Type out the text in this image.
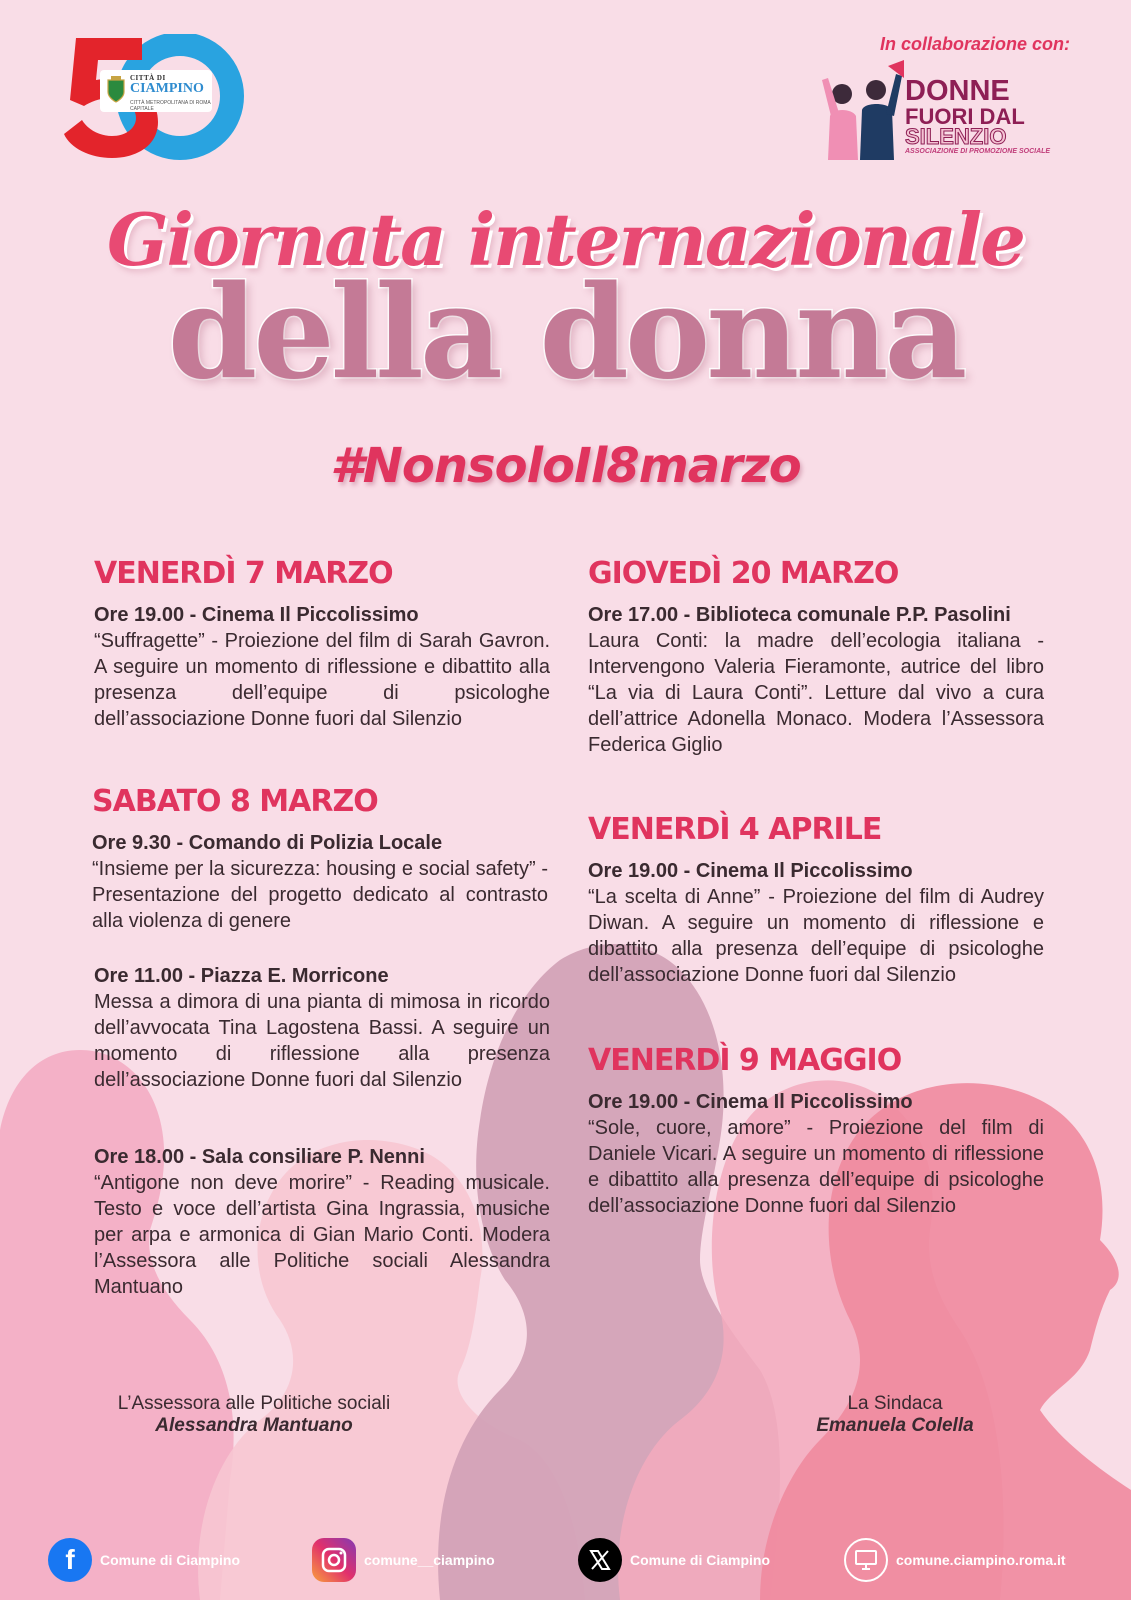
CITTÀ DI
CIAMPINO
CITTÀ METROPOLITANA DI ROMA CAPITALE
In collaborazione con:
DONNE
FUORI DAL
SILENZIO
ASSOCIAZIONE DI PROMOZIONE SOCIALE
Giornata internazionale
della donna
#NonsoloIl8marzo
VENERDÌ 7 MARZO

Ore 19.00 - Cinema Il Piccolissimo

“Suffragette” - Proiezione del film di Sarah Gavron. A seguire un momento di riflessione e dibattito alla presenza dell’equipe di psicologhe dell’associazione Donne fuori dal Silenzio

SABATO 8 MARZO

Ore 9.30 - Comando di Polizia Locale

“Insieme per la sicurezza: housing e social safety” - Presentazione del progetto dedicato al contrasto alla violenza di genere

Ore 11.00 - Piazza E. Morricone

Messa a dimora di una pianta di mimosa in ricordo dell’avvocata Tina Lagostena Bassi. A seguire un momento di riflessione alla presenza dell’associazione Donne fuori dal Silenzio

Ore 18.00 - Sala consiliare P. Nenni

“Antigone non deve morire” - Reading musicale. Testo e voce dell’artista Gina Ingrassia, musiche per arpa e armonica di Gian Mario Conti. Modera l’Assessora alle Politiche sociali Alessandra Mantuano

GIOVEDÌ 20 MARZO

Ore 17.00 - Biblioteca comunale P.P. Pasolini

Laura Conti: la madre dell’ecologia italiana - Intervengono Valeria Fieramonte, autrice del libro “La via di Laura Conti”. Letture dal vivo a cura dell’attrice Adonella Monaco. Modera l’Assessora Federica Giglio

VENERDÌ 4 APRILE

Ore 19.00 - Cinema Il Piccolissimo

“La scelta di Anne” - Proiezione del film di Audrey Diwan. A seguire un momento di riflessione e dibattito alla presenza dell’equipe di psicologhe dell’associazione Donne fuori dal Silenzio

VENERDÌ 9 MAGGIO

Ore 19.00 - Cinema Il Piccolissimo

“Sole, cuore, amore” - Proiezione del film di Daniele Vicari. A seguire un momento di riflessione e dibattito alla presenza dell’equipe di psicologhe dell’associazione Donne fuori dal Silenzio

L’Assessora alle Politiche sociali
Alessandra Mantuano
La Sindaca
Emanuela Colella
f Comune di Ciampino	comune__ciampino	Comune di Ciampino	comune.ciampino.roma.it
